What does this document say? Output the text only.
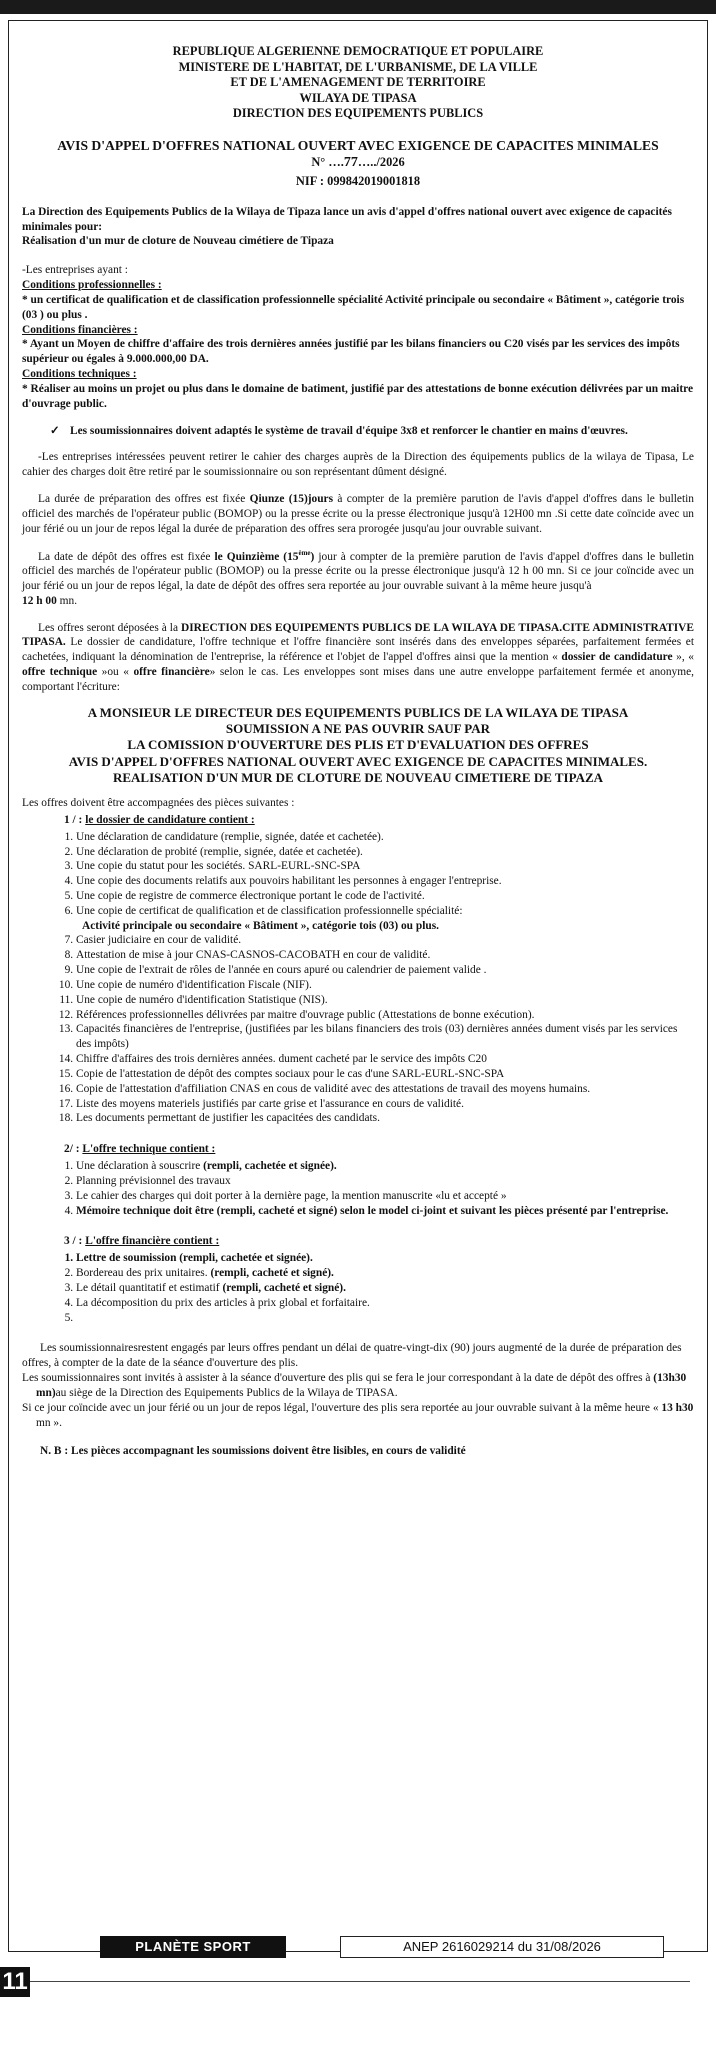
REPUBLIQUE ALGERIENNE DEMOCRATIQUE ET POPULAIRE
MINISTERE DE L'HABITAT, DE L'URBANISME, DE LA VILLE
ET DE L'AMENAGEMENT DE TERRITOIRE
WILAYA DE TIPASA
DIRECTION DES EQUIPEMENTS PUBLICS
AVIS D'APPEL D'OFFRES NATIONAL OUVERT AVEC EXIGENCE DE CAPACITES MINIMALES
N° ….77…../2026
NIF : 099842019001818

La Direction des Equipements Publics de la Wilaya de Tipaza lance un avis d'appel d'offres national ouvert avec exigence de capacités minimales pour:

Réalisation d'un mur de cloture de Nouveau cimétiere de Tipaza

-Les entreprises ayant :

Conditions professionnelles :

* un certificat de qualification et de classification professionnelle spécialité Activité principale ou secondaire « Bâtiment », catégorie trois (03 ) ou plus .

Conditions financières :

* Ayant un Moyen de chiffre d'affaire des trois dernières années justifié par les bilans financiers ou C20 visés par les services des impôts supérieur ou égales à 9.000.000,00 DA.

Conditions techniques :

* Réaliser au moins un projet ou plus dans le domaine de batiment, justifié par des attestations de bonne exécution délivrées par un maitre d'ouvrage public.

✓ Les soumissionnaires doivent adaptés le système de travail d'équipe 3x8 et renforcer le chantier en mains d'œuvres.

-Les entreprises intéressées peuvent retirer le cahier des charges auprès de la Direction des équipements publics de la wilaya de Tipasa, Le cahier des charges doit être retiré par le soumissionnaire ou son représentant dûment désigné.

La durée de préparation des offres est fixée Qiunze (15)jours à compter de la première parution de l'avis d'appel d'offres dans le bulletin officiel des marchés de l'opérateur public (BOMOP) ou la presse écrite ou la presse électronique jusqu'à 12H00 mn .Si cette date coïncide avec un jour férié ou un jour de repos légal la durée de préparation des offres sera prorogée jusqu'au jour ouvrable suivant.

La date de dépôt des offres est fixée le Quinzième (15ème) jour à compter de la première parution de l'avis d'appel d'offres dans le bulletin officiel des marchés de l'opérateur public (BOMOP) ou la presse écrite ou la presse électronique jusqu'à 12 h 00 mn. Si ce jour coïncide avec un jour férié ou un jour de repos légal, la date de dépôt des offres sera reportée au jour ouvrable suivant à la même heure jusqu'à
12 h 00 mn.

Les offres seront déposées à la DIRECTION DES EQUIPEMENTS PUBLICS DE LA WILAYA DE TIPASA.CITE ADMINISTRATIVE TIPASA. Le dossier de candidature, l'offre technique et l'offre financière sont insérés dans des enveloppes séparées, parfaitement fermées et cachetées, indiquant la dénomination de l'entreprise, la référence et l'objet de l'appel d'offres ainsi que la mention « dossier de candidature », « offre technique »ou « offre financière» selon le cas. Les enveloppes sont mises dans une autre enveloppe parfaitement fermée et anonyme, comportant l'écriture:

A MONSIEUR LE DIRECTEUR DES EQUIPEMENTS PUBLICS DE LA WILAYA DE TIPASA
SOUMISSION A NE PAS OUVRIR SAUF PAR
LA COMISSION D'OUVERTURE DES PLIS ET D'EVALUATION DES OFFRES
AVIS D'APPEL D'OFFRES NATIONAL OUVERT AVEC EXIGENCE DE CAPACITES MINIMALES.
REALISATION D'UN MUR DE CLOTURE DE NOUVEAU CIMETIERE DE TIPAZA

Les offres doivent être accompagnées des pièces suivantes :

1 / : le dossier de candidature contient :
1. Une déclaration de candidature (remplie, signée, datée et cachetée).
2. Une déclaration de probité (remplie, signée, datée et cachetée).
3. Une copie du statut pour les sociétés. SARL-EURL-SNC-SPA
4. Une copie des documents relatifs aux pouvoirs habilitant les personnes à engager l'entreprise.
5. Une copie de registre de commerce électronique portant le code de l'activité.
6. Une copie de certificat de qualification et de classification professionnelle spécialité:
Activité principale ou secondaire « Bâtiment », catégorie tois (03) ou plus.
7. Casier judiciaire en cour de validité.
8. Attestation de mise à jour CNAS-CASNOS-CACOBATH en cour de validité.
9. Une copie de l'extrait de rôles de l'année en cours apuré ou calendrier de paiement valide .
10. Une copie de numéro d'identification Fiscale (NIF).
11. Une copie de numéro d'identification Statistique (NIS).
12. Références professionnelles délivrées par maitre d'ouvrage public (Attestations de bonne exécution).
13. Capacités financières de l'entreprise, (justifiées par les bilans financiers des trois (03) dernières années dument visés par les services des impôts)
14. Chiffre d'affaires des trois dernières années. dument cacheté par le service des impôts C20
15. Copie de l'attestation de dépôt des comptes sociaux pour le cas d'une SARL-EURL-SNC-SPA
16. Copie de l'attestation d'affiliation CNAS en cous de validité avec des attestations de travail des moyens humains.
17. Liste des moyens materiels justifiés par carte grise et l'assurance en cours de validité.
18. Les documents permettant de justifier les capacitées des candidats.
2/ : L'offre technique contient :
1. Une déclaration à souscrire (rempli, cachetée et signée).
2. Planning prévisionnel des travaux
3. Le cahier des charges qui doit porter à la dernière page, la mention manuscrite «lu et accepté »
4. Mémoire technique doit être (rempli, cacheté et signé) selon le model ci-joint et suivant les pièces présenté par l'entreprise.
3 / : L'offre financière contient :
1. Lettre de soumission (rempli, cachetée et signée).
2. Bordereau des prix unitaires. (rempli, cacheté et signé).
3. Le détail quantitatif et estimatif (rempli, cacheté et signé).
4. La décomposition du prix des articles à prix global et forfaitaire.
5.

Les soumissionnairesrestent engagés par leurs offres pendant un délai de quatre-vingt-dix (90) jours augmenté de la durée de préparation des offres, à compter de la date de la séance d'ouverture des plis.

Les soumissionnaires sont invités à assister à la séance d'ouverture des plis qui se fera le jour correspondant à la date de dépôt des offres à (13h30 mn)au siège de la Direction des Equipements Publics de la Wilaya de TIPASA.

Si ce jour coïncide avec un jour férié ou un jour de repos légal, l'ouverture des plis sera reportée au jour ouvrable suivant à la même heure « 13 h30 mn ».

N. B : Les pièces accompagnant les soumissions doivent être lisibles, en cours de validité

PLANÈTE SPORT	ANEP 2616029214 du 31/08/2026
11
